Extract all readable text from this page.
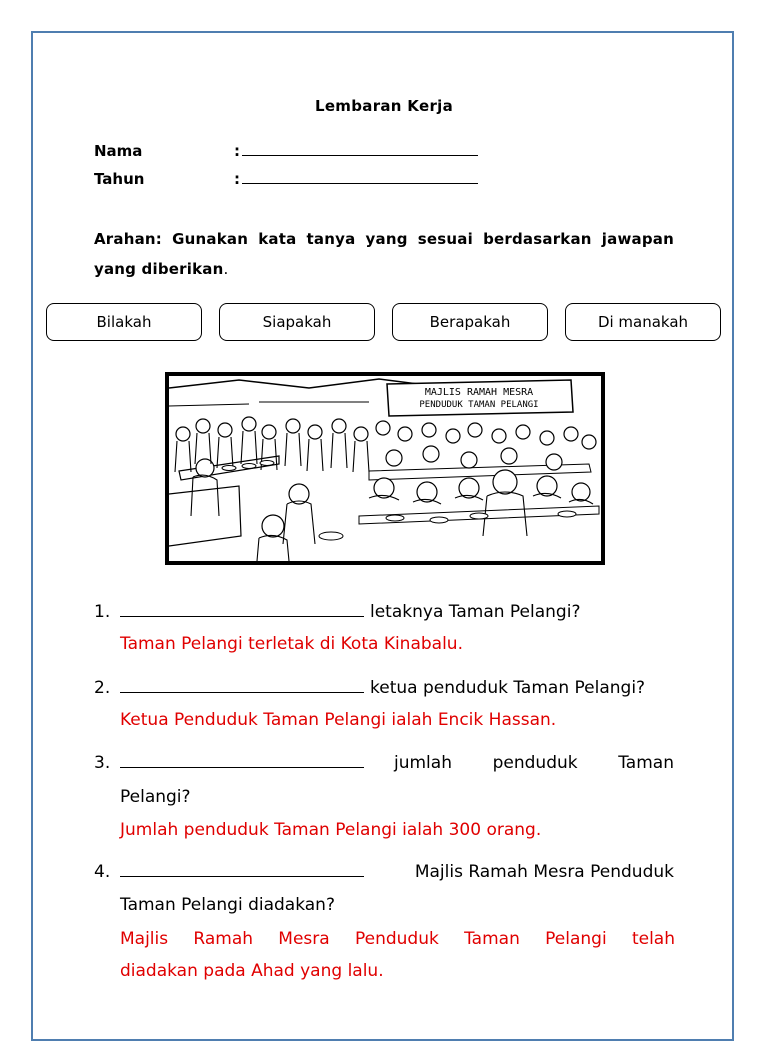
Lembaran Kerja
Nama	:
Tahun	:
Arahan: Gunakan kata tanya yang sesuai berdasarkan jawapan yang diberikan.
Bilakah	Siapakah	Berapakah	Di manakah
MAJLIS RAMAH MESRA
PENDUDUK TAMAN PELANGI
1.	letaknya Taman Pelangi?
Taman Pelangi terletak di Kota Kinabalu.
2.	ketua penduduk Taman Pelangi?
Ketua Penduduk Taman Pelangi ialah Encik Hassan.
3.	jumlah penduduk Taman
Pelangi?
Jumlah penduduk Taman Pelangi ialah 300 orang.
4.	Majlis Ramah Mesra Penduduk
Taman Pelangi diadakan?
Majlis Ramah Mesra Penduduk Taman Pelangi telah
diadakan pada Ahad yang lalu.
